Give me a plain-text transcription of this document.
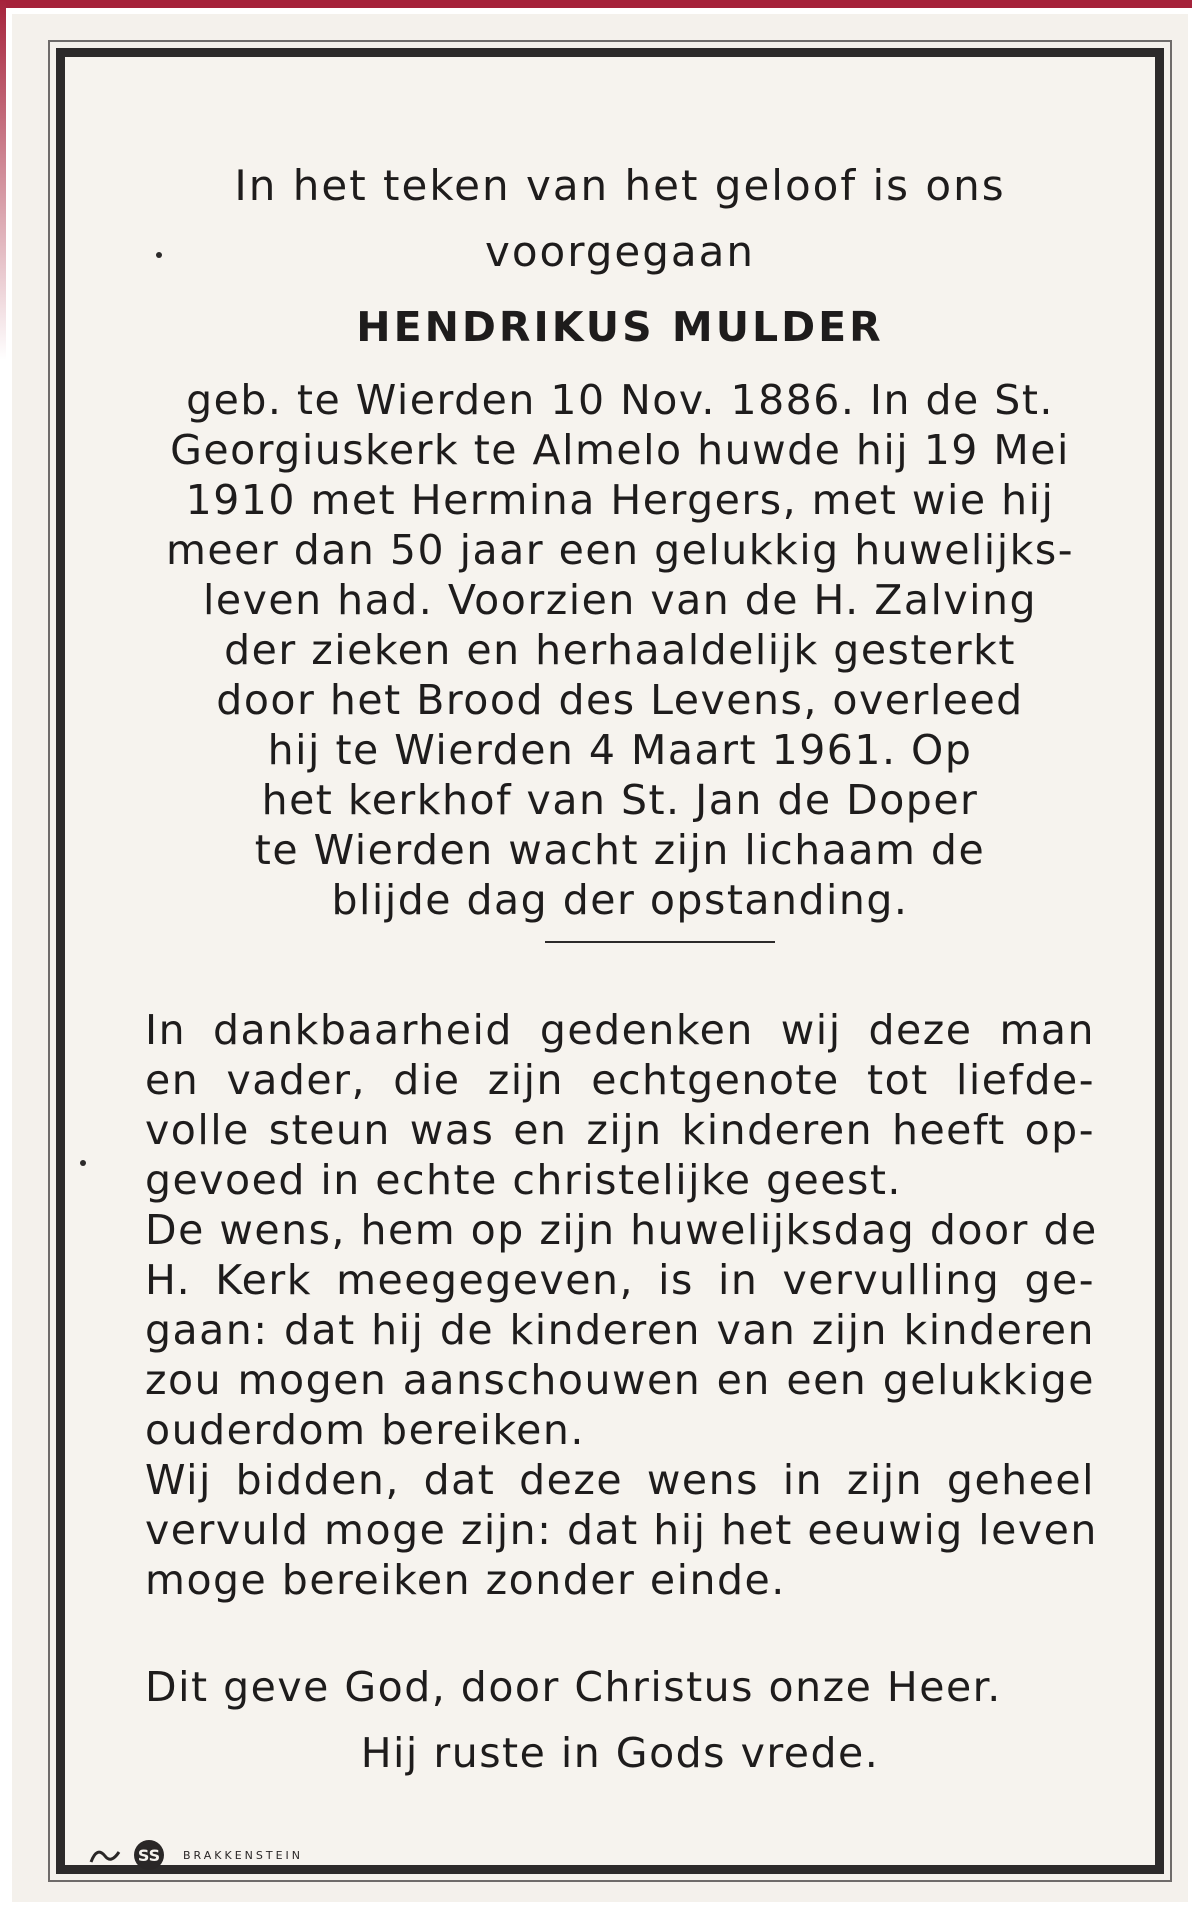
In het teken van het geloof is ons
voorgegaan
HENDRIKUS MULDER
geb. te Wierden 10 Nov. 1886. In de St.
Georgiuskerk te Almelo huwde hij 19 Mei
1910 met Hermina Hergers, met wie hij
meer dan 50 jaar een gelukkig huwelijks-
leven had. Voorzien van de H. Zalving
der zieken en herhaaldelijk gesterkt
door het Brood des Levens, overleed
hij te Wierden 4 Maart 1961. Op
het kerkhof van St. Jan de Doper
te Wierden wacht zijn lichaam de
blijde dag der opstanding.
In dankbaarheid gedenken wij deze man
en vader, die zijn echtgenote tot liefde-
volle steun was en zijn kinderen heeft op-
gevoed in echte christelijke geest.
De wens, hem op zijn huwelijksdag door de
H. Kerk meegegeven, is in vervulling ge-
gaan: dat hij de kinderen van zijn kinderen
zou mogen aanschouwen en een gelukkige
ouderdom bereiken.
Wij bidden, dat deze wens in zijn geheel
vervuld moge zijn: dat hij het eeuwig leven
moge bereiken zonder einde.
Dit geve God, door Christus onze Heer.
Hij ruste in Gods vrede.
SS BRAKKENSTEIN
